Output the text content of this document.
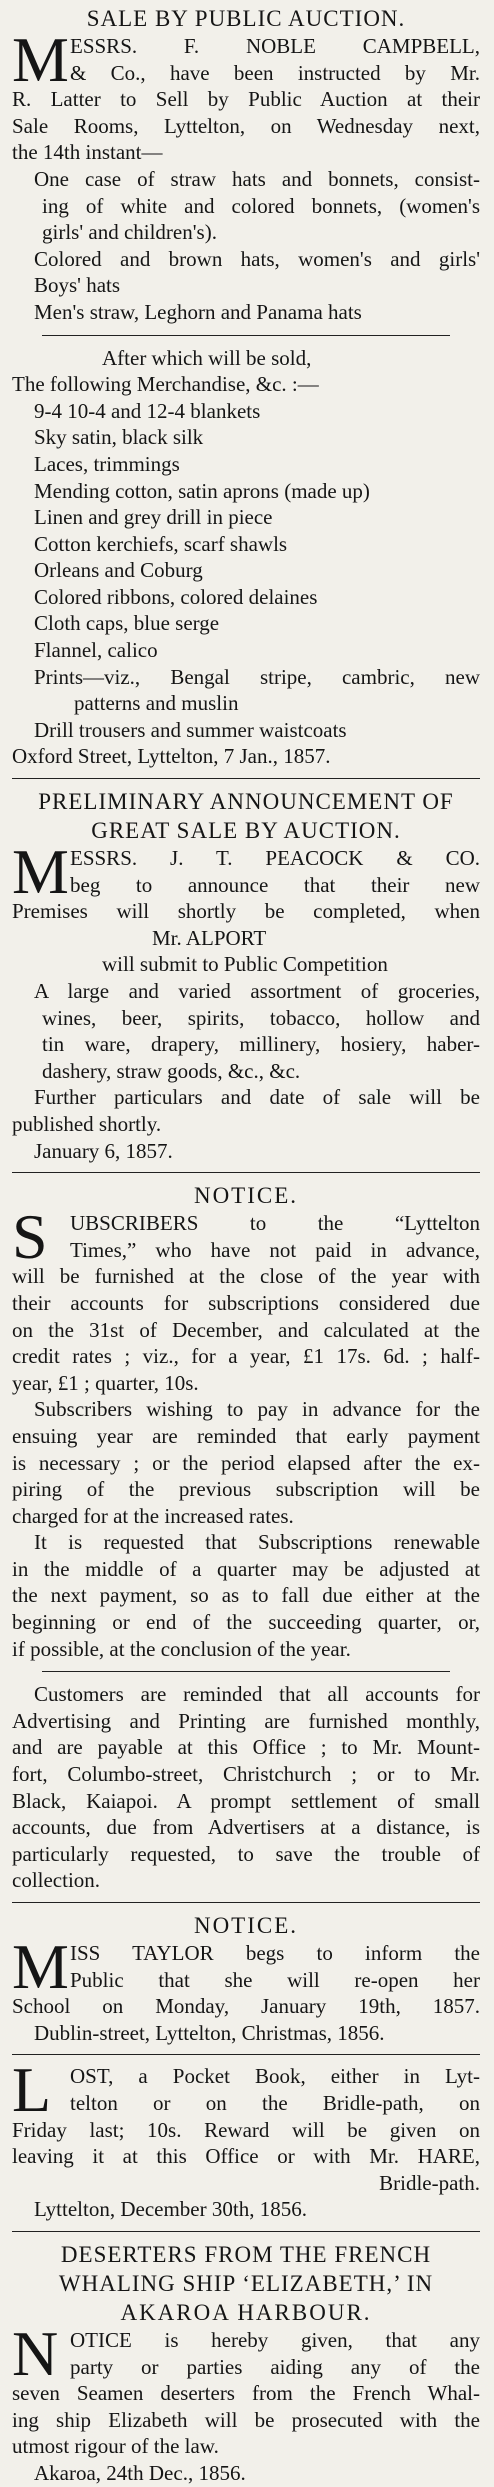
SALE BY PUBLIC AUCTION.

M ESSRS. F. NOBLE CAMPBELL,

& Co., have been instructed by Mr.

R. Latter to Sell by Public Auction at their

Sale Rooms, Lyttelton, on Wednesday next,

the 14th instant—

One case of straw hats and bonnets, consist-

ing of white and colored bonnets, (women's

girls' and children's).

Colored and brown hats, women's and girls'

Boys' hats

Men's straw, Leghorn and Panama hats

After which will be sold,

The following Merchandise, &c. :—

9-4 10-4 and 12-4 blankets

Sky satin, black silk

Laces, trimmings

Mending cotton, satin aprons (made up)

Linen and grey drill in piece

Cotton kerchiefs, scarf shawls

Orleans and Coburg

Colored ribbons, colored delaines

Cloth caps, blue serge

Flannel, calico

Prints—viz., Bengal stripe, cambric, new

patterns and muslin

Drill trousers and summer waistcoats

Oxford Street, Lyttelton, 7 Jan., 1857.

PRELIMINARY ANNOUNCEMENT OF

GREAT SALE BY AUCTION.

M ESSRS. J. T. PEACOCK & CO.

beg to announce that their new

Premises will shortly be completed, when

Mr. ALPORT

will submit to Public Competition

A large and varied assortment of groceries,

wines, beer, spirits, tobacco, hollow and

tin ware, drapery, millinery, hosiery, haber-

dashery, straw goods, &c., &c.

Further particulars and date of sale will be

published shortly.

January 6, 1857.

NOTICE.

S	UBSCRIBERS to the “Lyttelton

Times,” who have not paid in advance,

will be furnished at the close of the year with

their accounts for subscriptions considered due

on the 31st of December, and calculated at the

credit rates ; viz., for a year, £1 17s. 6d. ; half-

year, £1 ; quarter, 10s.

Subscribers wishing to pay in advance for the

ensuing year are reminded that early payment

is necessary ; or the period elapsed after the ex-

piring of the previous subscription will be

charged for at the increased rates.

It is requested that Subscriptions renewable

in the middle of a quarter may be adjusted at

the next payment, so as to fall due either at the

beginning or end of the succeeding quarter, or,

if possible, at the conclusion of the year.

Customers are reminded that all accounts for

Advertising and Printing are furnished monthly,

and are payable at this Office ; to Mr. Mount-

fort, Columbo-street, Christchurch ; or to Mr.

Black, Kaiapoi. A prompt settlement of small

accounts, due from Advertisers at a distance, is

particularly requested, to save the trouble of

collection.

NOTICE.

M ISS TAYLOR begs to inform the

Public that she will re-open her

School on Monday, January 19th, 1857.

Dublin-street, Lyttelton, Christmas, 1856.

L OST, a Pocket Book, either in Lyt-

telton or on the Bridle-path, on

Friday last; 10s. Reward will be given on

leaving it at this Office or with Mr. HARE,

Bridle-path.

Lyttelton, December 30th, 1856.

DESERTERS FROM THE FRENCH

WHALING SHIP ‘ELIZABETH,’ IN

AKAROA HARBOUR.

N OTICE is hereby given, that any

party or parties aiding any of the

seven Seamen deserters from the French Whal-

ing ship Elizabeth will be prosecuted with the

utmost rigour of the law.

Akaroa, 24th Dec., 1856.
